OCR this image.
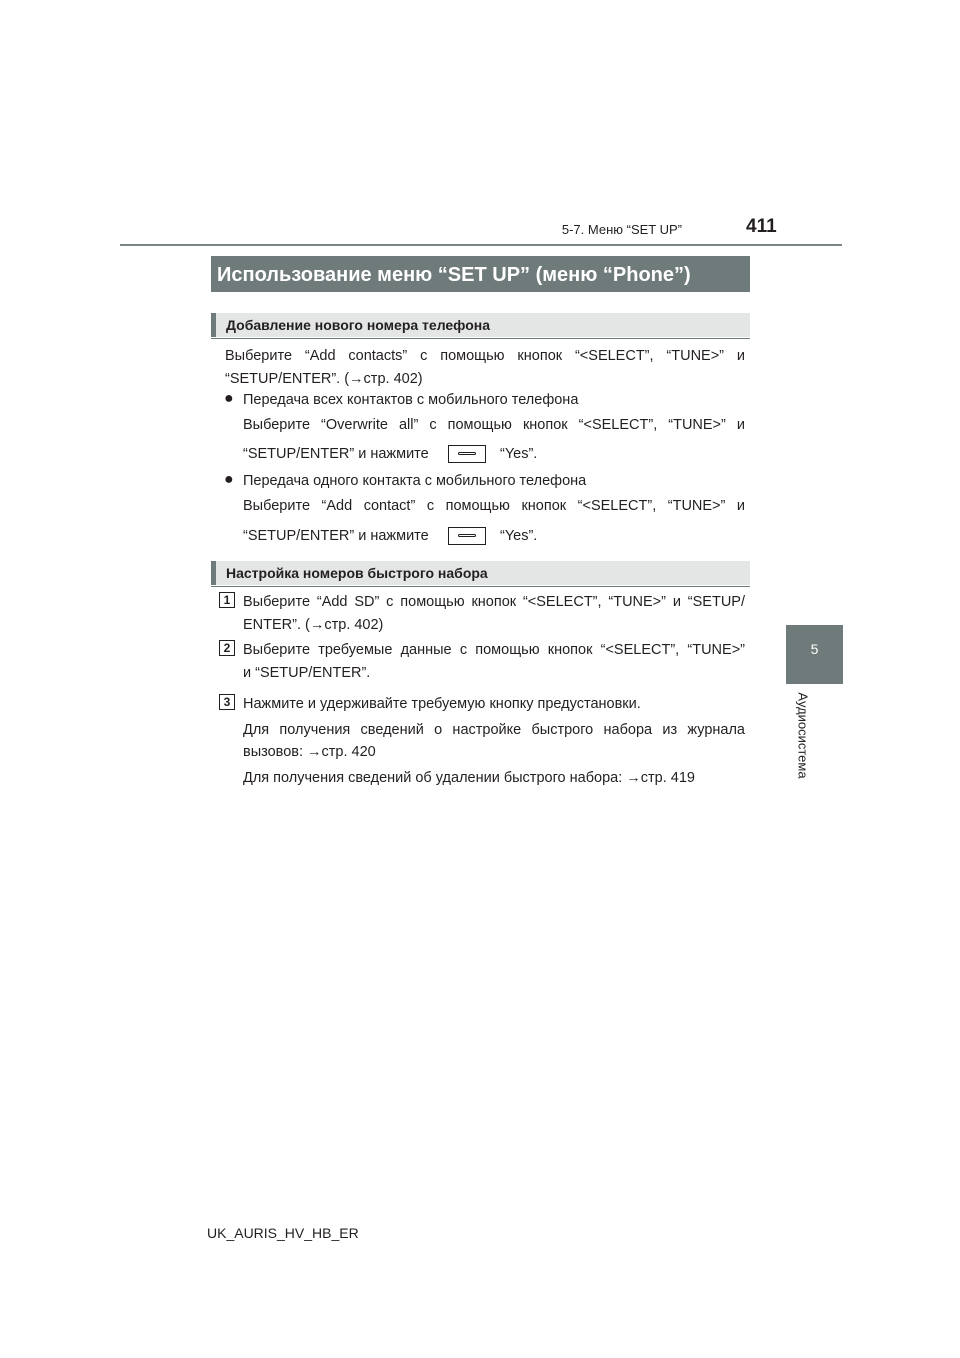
5-7. Меню “SET UP”	411
5
Аудиосистема
Использование меню “SET UP” (меню “Phone”)
Добавление нового номера телефона
Выберите “Add contacts” с помощью кнопок “<SELECT”, “TUNE>” и
“SETUP/ENTER”. (→стр. 402)
● Передача всех контактов с мобильного телефона
Выберите “Overwrite all” с помощью кнопок “<SELECT”, “TUNE>” и
“SETUP/ENTER” и нажмите	“Yes”.
● Передача одного контакта с мобильного телефона
Выберите “Add contact” с помощью кнопок “<SELECT”, “TUNE>” и
“SETUP/ENTER” и нажмите	“Yes”.
Настройка номеров быстрого набора
1 Выберите “Add SD” с помощью кнопок “<SELECT”, “TUNE>” и “SETUP/
ENTER”. (→стр. 402)
2 Выберите требуемые данные с помощью кнопок “<SELECT”, “TUNE>”
и “SETUP/ENTER”.
3 Нажмите и удерживайте требуемую кнопку предустановки.
Для получения сведений о настройке быстрого набора из журнала
вызовов: →стр. 420
Для получения сведений об удалении быстрого набора: →стр. 419
UK_AURIS_HV_HB_ER
